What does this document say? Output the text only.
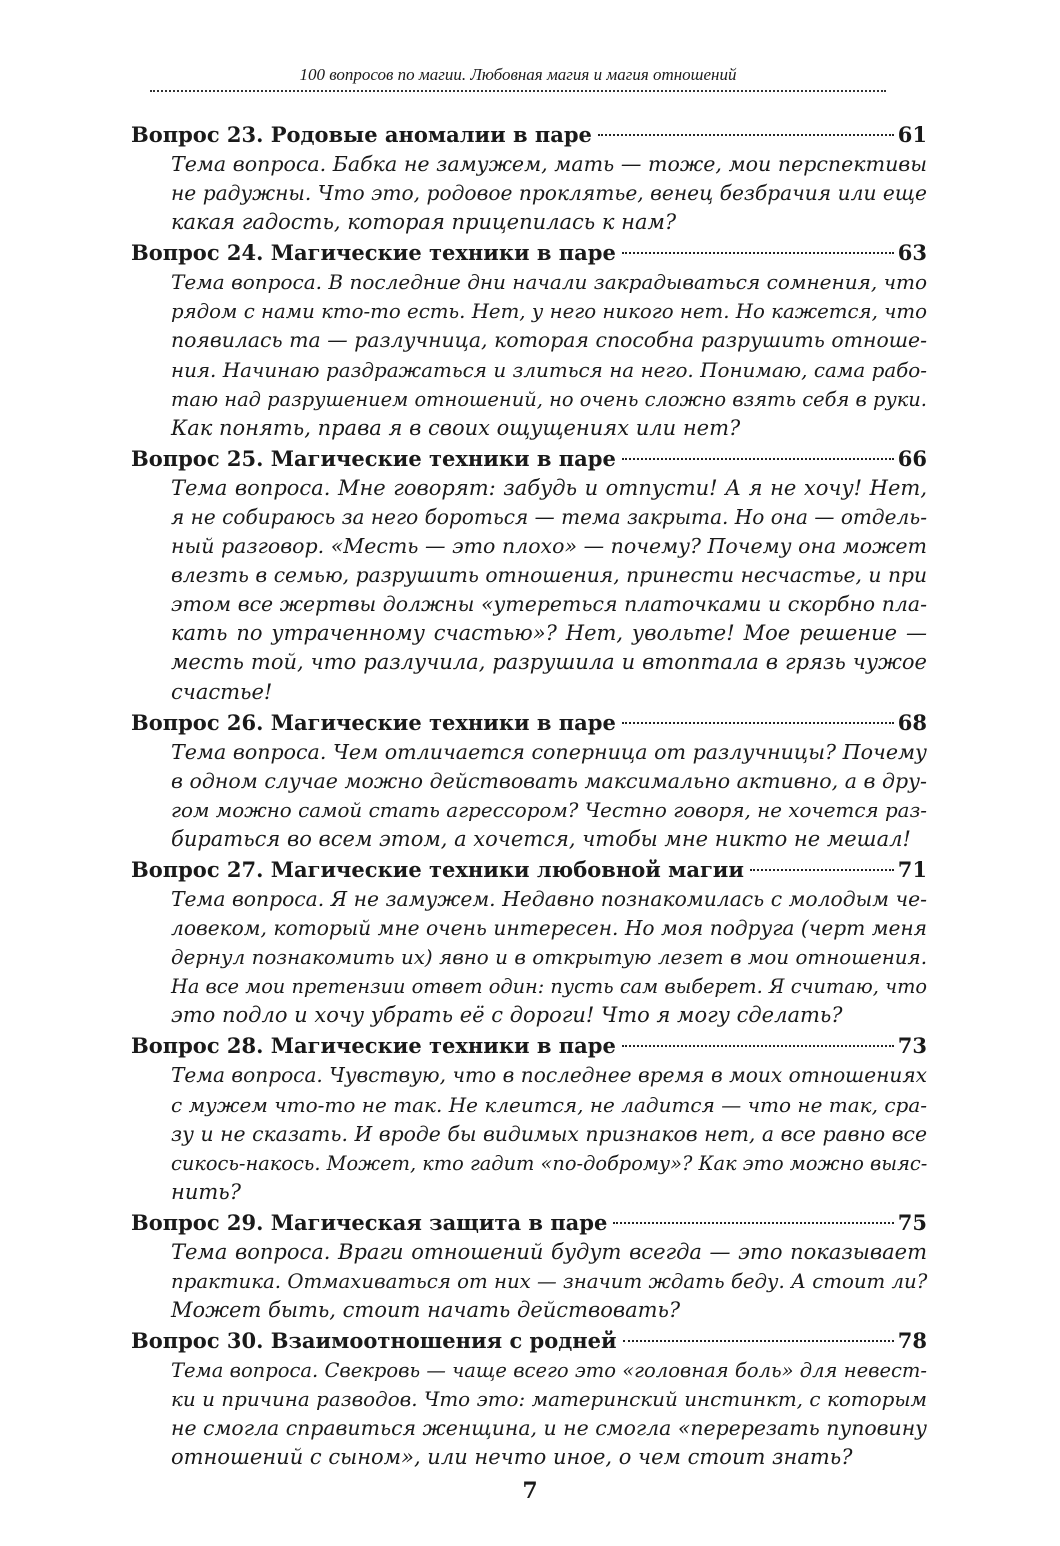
100 вопросов по магии. Любовная магия и магия отношений
Вопрос 23. Родовые аномалии в паре	61
Тема вопроса. Бабка не замужем, мать — тоже, мои перспективы
не радужны. Что это, родовое проклятье, венец безбрачия или еще
какая гадость, которая прицепилась к нам?
Вопрос 24. Магические техники в паре	63
Тема вопроса. В последние дни начали закрадываться сомнения, что
рядом с нами кто-то есть. Нет, у него никого нет. Но кажется, что
появилась та — разлучница, которая способна разрушить отноше-
ния. Начинаю раздражаться и злиться на него. Понимаю, сама рабо-
таю над разрушением отношений, но очень сложно взять себя в руки.
Как понять, права я в своих ощущениях или нет?
Вопрос 25. Магические техники в паре	66
Тема вопроса. Мне говорят: забудь и отпусти! А я не хочу! Нет,
я не собираюсь за него бороться — тема закрыта. Но она — отдель-
ный разговор. «Месть — это плохо» — почему? Почему она может
влезть в семью, разрушить отношения, принести несчастье, и при
этом все жертвы должны «утереться платочками и скорбно пла-
кать по утраченному счастью»? Нет, увольте! Мое решение —
месть той, что разлучила, разрушила и втоптала в грязь чужое
счастье!
Вопрос 26. Магические техники в паре	68
Тема вопроса. Чем отличается соперница от разлучницы? Почему
в одном случае можно действовать максимально активно, а в дру-
гом можно самой стать агрессором? Честно говоря, не хочется раз-
бираться во всем этом, а хочется, чтобы мне никто не мешал!
Вопрос 27. Магические техники любовной магии	71
Тема вопроса. Я не замужем. Недавно познакомилась с молодым че-
ловеком, который мне очень интересен. Но моя подруга (черт меня
дернул познакомить их) явно и в открытую лезет в мои отношения.
На все мои претензии ответ один: пусть сам выберет. Я считаю, что
это подло и хочу убрать её с дороги! Что я могу сделать?
Вопрос 28. Магические техники в паре	73
Тема вопроса. Чувствую, что в последнее время в моих отношениях
с мужем что-то не так. Не клеится, не ладится — что не так, сра-
зу и не сказать. И вроде бы видимых признаков нет, а все равно все
сикось-накось. Может, кто гадит «по-доброму»? Как это можно выяс-
нить?
Вопрос 29. Магическая защита в паре	75
Тема вопроса. Враги отношений будут всегда — это показывает
практика. Отмахиваться от них — значит ждать беду. А стоит ли?
Может быть, стоит начать действовать?
Вопрос 30. Взаимоотношения с родней	78
Тема вопроса. Свекровь — чаще всего это «головная боль» для невест-
ки и причина разводов. Что это: материнский инстинкт, с которым
не смогла справиться женщина, и не смогла «перерезать пуповину
отношений с сыном», или нечто иное, о чем стоит знать?
7
